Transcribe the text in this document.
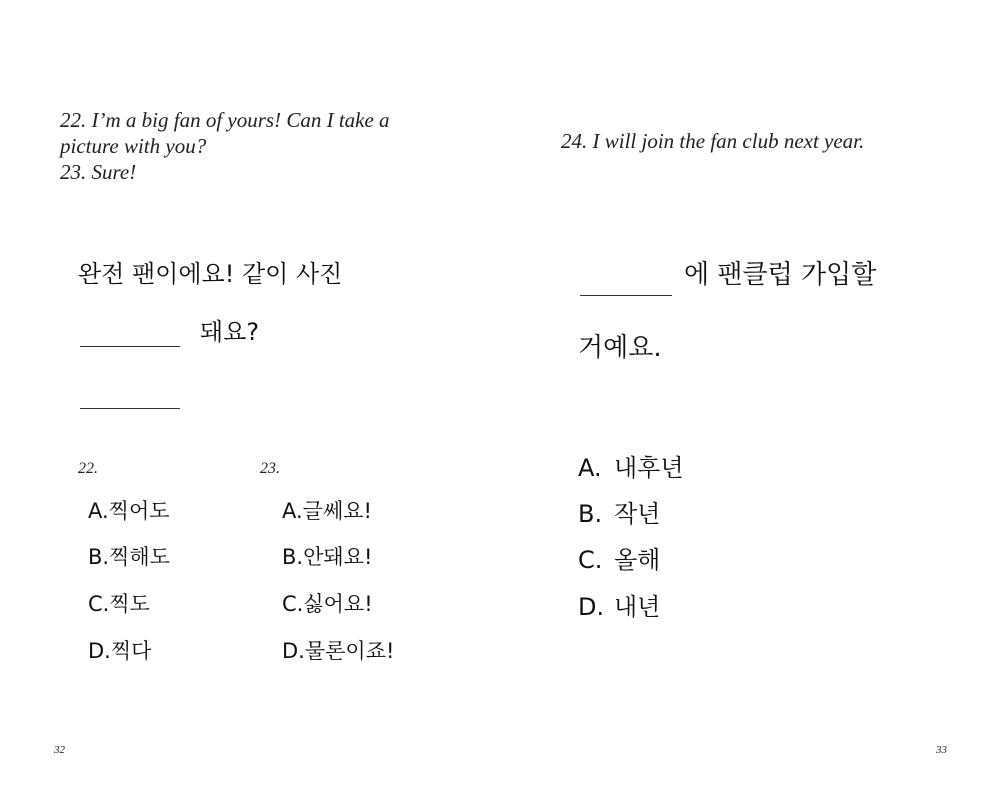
22. I’m a big fan of yours! Can I take a
picture with you?
23. Sure!
완전 팬이에요! 같이 사진
돼요?
22.	23.
A.찍어도
B.찍해도
C.찍도
D.찍다
A.글쎄요!
B.안돼요!
C.싫어요!
D.물론이죠!
32
24. I will join the fan club next year.
에 팬클럽 가입할
거예요.
A. 내후년
B. 작년
C. 올해
D. 내년
33
